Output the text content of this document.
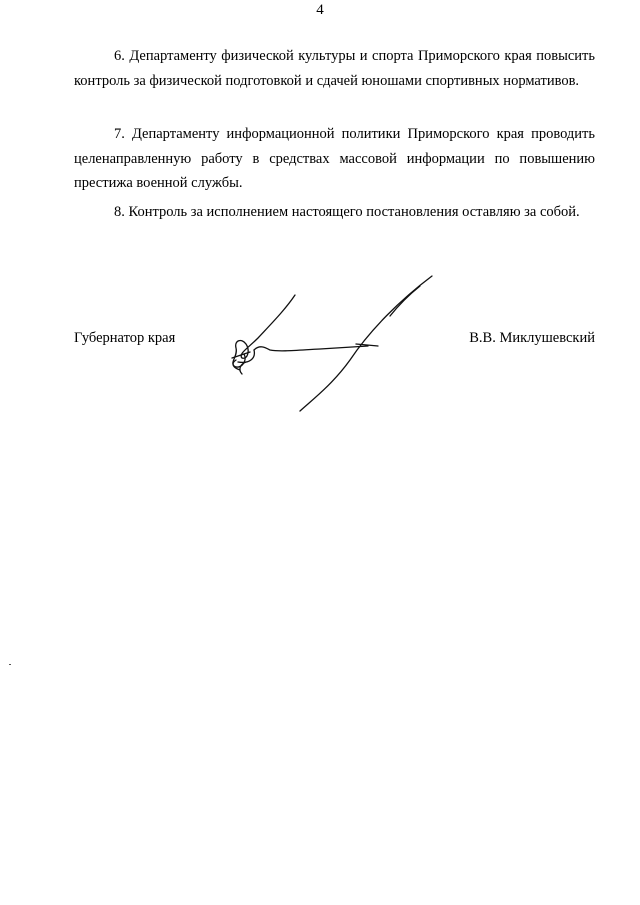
4

6. Департаменту физической культуры и спорта Приморского края повысить контроль за физической подготовкой и сдачей юношами спортивных нормативов.

7. Департаменту информационной политики Приморского края проводить целенаправленную работу в средствах массовой информации по повышению престижа военной службы.

8. Контроль за исполнением настоящего постановления оставляю за собой.

Губернатор края	В.В. Миклушевский
